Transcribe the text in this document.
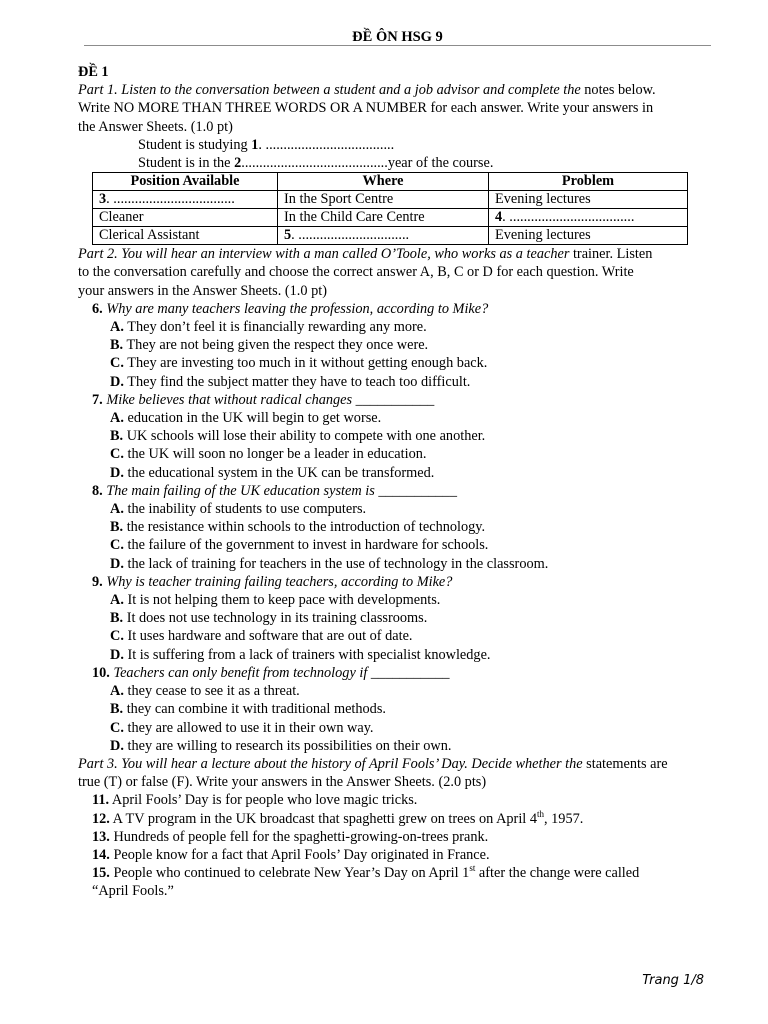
ĐỀ ÔN HSG 9
ĐỀ 1
Part 1. Listen to the conversation between a student and a job advisor and complete the notes below.
Write NO MORE THAN THREE WORDS OR A NUMBER for each answer. Write your answers in
the Answer Sheets. (1.0 pt)
Student is studying 1. ....................................
Student is in the 2.........................................year of the course.
Position Available	Where	Problem
3. ..................................	In the Sport Centre	Evening lectures
Cleaner	In the Child Care Centre	4. ...................................
Clerical Assistant	5. ...............................	Evening lectures
Part 2. You will hear an interview with a man called O’Toole, who works as a teacher trainer. Listen
to the conversation carefully and choose the correct answer A, B, C or D for each question. Write
your answers in the Answer Sheets. (1.0 pt)
6. Why are many teachers leaving the profession, according to Mike?
A. They don’t feel it is financially rewarding any more.
B. They are not being given the respect they once were.
C. They are investing too much in it without getting enough back.
D. They find the subject matter they have to teach too difficult.
7. Mike believes that without radical changes ___________
A. education in the UK will begin to get worse.
B. UK schools will lose their ability to compete with one another.
C. the UK will soon no longer be a leader in education.
D. the educational system in the UK can be transformed.
8. The main failing of the UK education system is ___________
A. the inability of students to use computers.
B. the resistance within schools to the introduction of technology.
C. the failure of the government to invest in hardware for schools.
D. the lack of training for teachers in the use of technology in the classroom.
9. Why is teacher training failing teachers, according to Mike?
A. It is not helping them to keep pace with developments.
B. It does not use technology in its training classrooms.
C. It uses hardware and software that are out of date.
D. It is suffering from a lack of trainers with specialist knowledge.
10. Teachers can only benefit from technology if ___________
A. they cease to see it as a threat.
B. they can combine it with traditional methods.
C. they are allowed to use it in their own way.
D. they are willing to research its possibilities on their own.
Part 3. You will hear a lecture about the history of April Fools’ Day. Decide whether the statements are
true (T) or false (F). Write your answers in the Answer Sheets. (2.0 pts)
11. April Fools’ Day is for people who love magic tricks.
12. A TV program in the UK broadcast that spaghetti grew on trees on April 4th, 1957.
13. Hundreds of people fell for the spaghetti-growing-on-trees prank.
14. People know for a fact that April Fools’ Day originated in France.
15. People who continued to celebrate New Year’s Day on April 1st after the change were called
“April Fools.”
Trang 1/8
